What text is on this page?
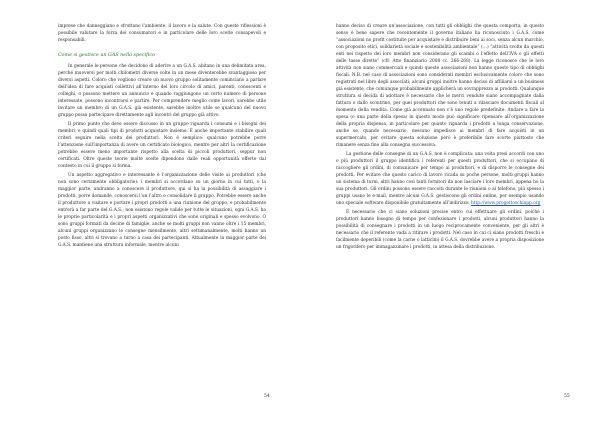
imprese che danneggiano e sfruttano l’ambiente, il lavoro e la salute. Con queste riflessioni è possibile valutare la forza dei consumatori e in particolare delle loro scelte consapevoli e responsabili.

Come si gestisce un GAS nello specifico

In generale le persone che decidono di aderire a un G.A.S. abitano in una delimitata area, perché muoversi per molti chilometri diverse volte in un mese diventerebbe svantaggioso per diversi aspetti. Coloro che vogliono creare un nuovo gruppo solitamente cominciano a parlare dell’idea di fare acquisti collettivi all’interno del loro circolo di amici, parenti, conoscenti e colleghi, o possono mettere un annuncio e quando raggiungono un certo numero di persone interessate, possono incontrarsi e partire. Per comprendere meglio come lavori, sarebbe utile invitare un membro di un G.A.S. già esistente, sarebbe inoltre utile se qualcuno del nuovo gruppo possa partecipare direttamente agli incontri del gruppo già attivo.

Il primo punto che deve essere discusso in un gruppo riguarda i consumi e i bisogni dei membri, e quindi quali tipi di prodotti acquistare insieme. È anche importante stabilire quali criteri seguire nella scelta dei produttori. Non è semplice: qualcuno potrebbe porre l’attenzione sull’importanza di avere un certificato biologico, mentre per altri la certificazione potrebbe essere meno importante rispetto alla scelta di piccoli produttori, seppur non certificati. Oltre queste teorie molte scelte dipendono dalle reali opportunità offerte dal contesto in cui il gruppo si forma.

Un aspetto aggregativo e interessante è l’organizzazione delle visite ai produttori (che non sono certamente obbligatorie): i membri si accordano su un giorno in cui tutti, o la maggior parte, andranno a conoscere il produttore, qui si ha la possibilità di assaggiare i prodotti, porre domande, conoscersi l’un l’altro e consolidare il gruppo. Potrebbe essere anche il produttore a visitare e portare i propri prodotti a una riunione del gruppo, e probabilmente entrerà a far parte del G.A.S.; non esistono regole valide per tutte le situazioni, ogni G.A.S. ha le proprie particolarità e i propri aspetti organizzativi che sono originali e spesso evolvono. O sono gruppi formati da decine di famiglie, anche se molti gruppi non vanno oltre i 15 membri, alcuni gruppi organizzano le consegne mensilmente, altri settimanalmente, molti hanno un posto fisso, altri si trovano a turno a casa dei partecipanti. Attualmente la maggior parte dei G.A.S. mantiene una struttura informale, mentre alcuni

54

hanno deciso di creare un’associazione, con tutti gli obblighi che questa comporta; in questo senso è bene sapere che recentemente il governo italiano ha riconosciuto i G.A.S. come “associazioni no profit costituite per acquistare e distribuire beni ai soci, senza alcun marchio, con proposito etici, solidarietà sociale e sostenibilità ambientale” (…) “attività svolte da questi enti nei rispetto dei loro membri non considerano gli scambi o l’effetto dell’IVA o gli effetti delle tasse dirette” (cfr. Atto finanziario 2008 cc. 266-268). La legge riconosce che le loro attività non siano commerciali e quindi queste associazioni non hanno questo tipo di obblighi fiscali. N.B. nel caso di associazioni sono considerati membri esclusivamente coloro che sono registrati nel libro degli associati; alcuni gruppi inoltre hanno deciso di affiliarsi a un business già esistente, che comunque probabilmente applicherà un sovrapprezzo ai prodotti. Qualunque struttura si decida di adottare è necessario che le merci vendute siano accompagnate dalla fattura o dallo scontrino, per quei produttori che sono tenuti a rilasciare documenti fiscali al momento della vendita. Come già accennato non c’è uno regole predefinite. Andare a fare la spesa (o una parte della spesa) in questo modo può significare ripensare all’organizzazione della propria dispensa, in particolare per quanto riguarda i prodotti a lunga conservazione, anche se, quando necessario, nessuno impedisce ai membri di fare acquisti in un supermercato, per evitare questa soluzione però è preferibile fare scorte piuttosto che rimanere senza fino alla consegna successiva.

La gestione delle consegne di un G.A.S. non è complicata: una volta presi accordi con uno o più produttori il gruppo identifica i referenti per questi produttori, che si occupano di raccogliere gli ordini, di comunicare per tempo ai produttori, e di disporre le consegne dei prodotti. Per evitare che questo carico di lavoro ricada su poche persone, molti gruppi hanno un sistema di turni, altri hanno così tanti fornitori da non lasciare i loro membri, appena ho la sua produttori. Gli ordini possono essere raccolti durante le riunioni o al telefono, più spesso i gruppi usano le e-mail, mentre alcuni G.A.S. gestiscono gli ordini online, per esempio usando uno speciale software disponibile gratuitamente all’indirizzo: http://www.progettoschiapp.org

È necessario che ci siano soluzioni precise entro cui effettuare gli ordini, poiché i produttori hanno bisogno di tempo per confezionare i prodotti, alcuni produttori hanno la possibilità di consegnare i prodotti in un luogo reciprocamente conveniente, per gli altri è necessario che il referente vada a ritirare i prodotti. Nel caso in cui ci siano prodotti freschi e facilmente deperibili (come la carne o latticini) il G.A.S. dovrebbe avere a propria disposizione un frigorifero per immagazzinare i prodotti, in attesa della distribuzione.

55
